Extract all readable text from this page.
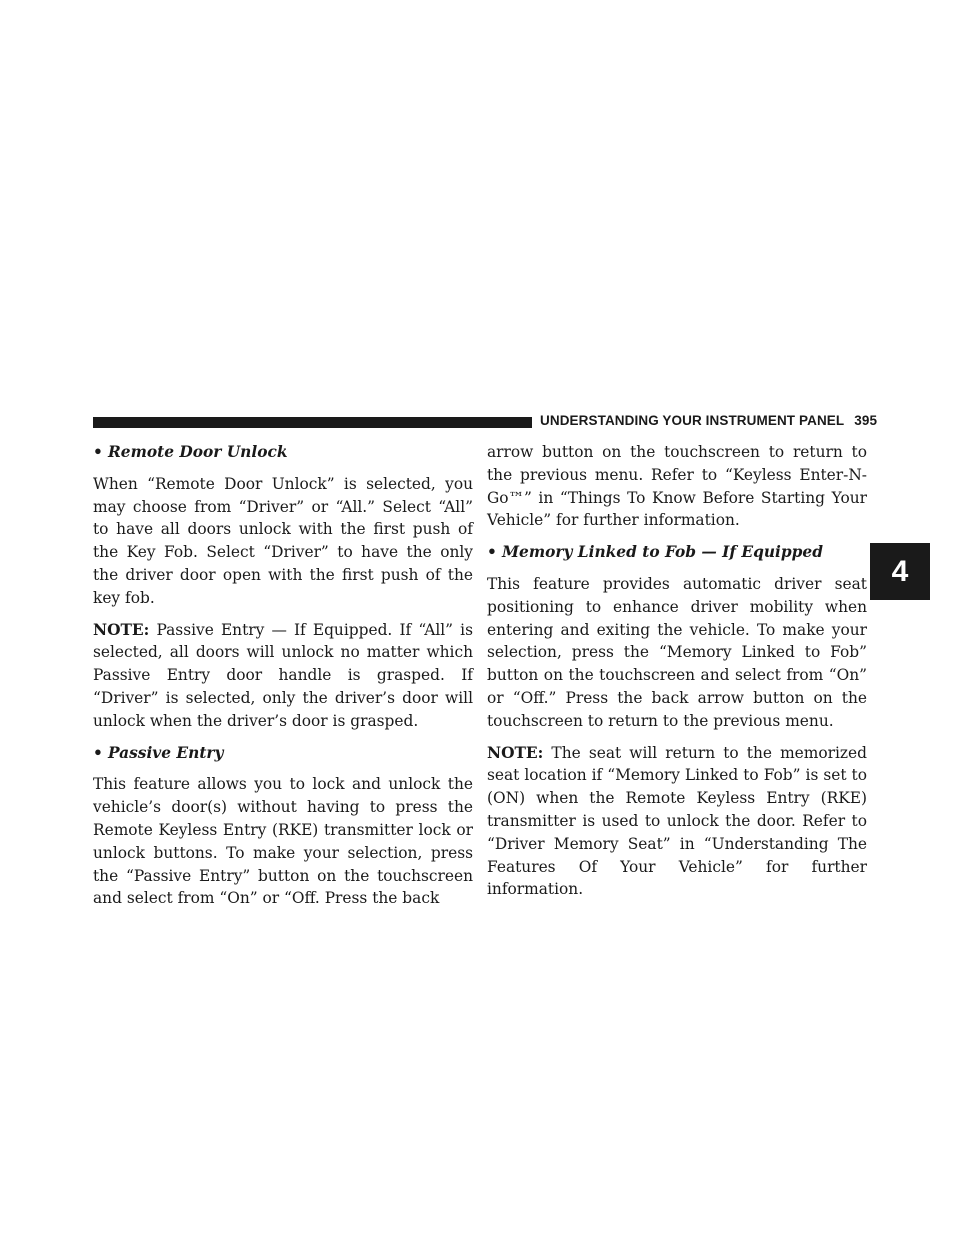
UNDERSTANDING YOUR INSTRUMENT PANEL 395
4
• Remote Door Unlock

When “Remote Door Unlock” is selected, you may choose from “Driver” or “All.” Select “All” to have all doors unlock with the first push of the Key Fob. Select “Driver” to have the only the driver door open with the first push of the key fob.

NOTE: Passive Entry — If Equipped. If “All” is selected, all doors will unlock no matter which Passive Entry door handle is grasped. If “Driver” is selected, only the driver’s door will unlock when the driver’s door is grasped.

• Passive Entry

This feature allows you to lock and unlock the vehicle’s door(s) without having to press the Remote Keyless Entry (RKE) transmitter lock or unlock buttons. To make your selection, press the “Passive Entry” button on the touchscreen and select from “On” or “Off. Press the back

arrow button on the touchscreen to return to the previous menu. Refer to “Keyless Enter-N-Go™” in “Things To Know Before Starting Your Vehicle” for further information.

• Memory Linked to Fob — If Equipped

This feature provides automatic driver seat positioning to enhance driver mobility when entering and exiting the vehicle. To make your selection, press the “Memory Linked to Fob” button on the touchscreen and select from “On” or “Off.” Press the back arrow button on the touchscreen to return to the previous menu.

NOTE: The seat will return to the memorized seat location if “Memory Linked to Fob” is set to (ON) when the Remote Keyless Entry (RKE) transmitter is used to unlock the door. Refer to “Driver Memory Seat” in “Understanding The Features Of Your Vehicle” for further information.
